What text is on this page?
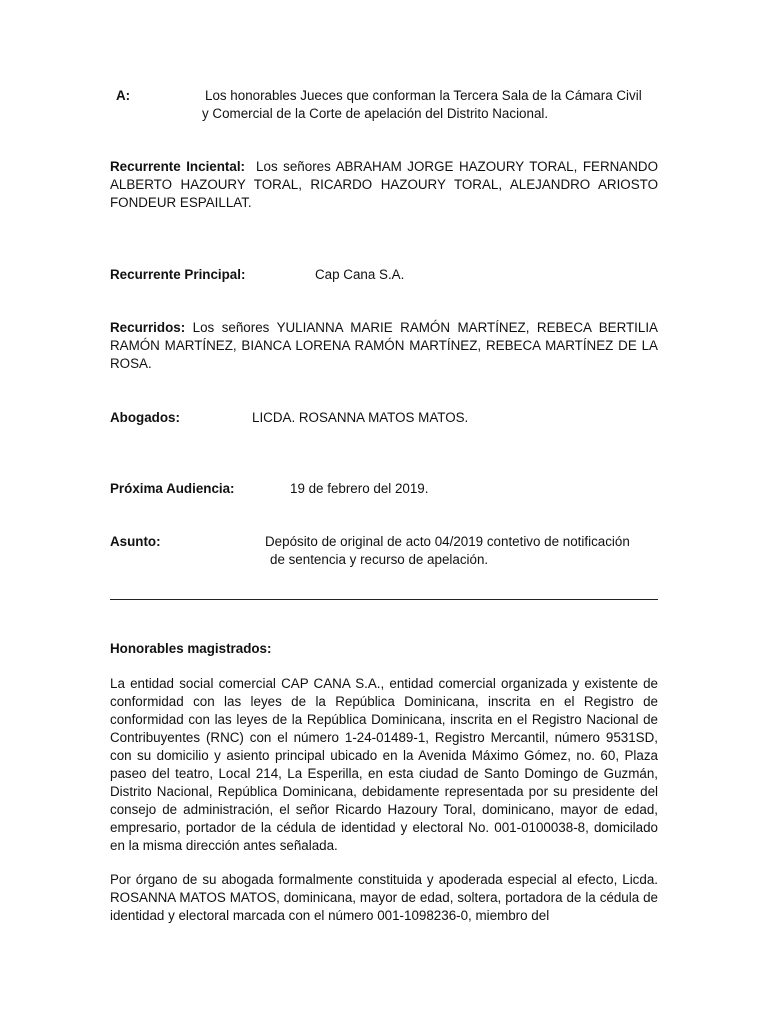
A:	Los honorables Jueces que conforman la Tercera Sala de la Cámara Civil
y Comercial de la Corte de apelación del Distrito Nacional.
Recurrente Inciental: Los señores ABRAHAM JORGE HAZOURY TORAL, FERNANDO ALBERTO HAZOURY TORAL, RICARDO HAZOURY TORAL, ALEJANDRO ARIOSTO FONDEUR ESPAILLAT.
Recurrente Principal:	Cap Cana S.A.
Recurridos: Los señores YULIANNA MARIE RAMÓN MARTÍNEZ, REBECA BERTILIA RAMÓN MARTÍNEZ, BIANCA LORENA RAMÓN MARTÍNEZ, REBECA MARTÍNEZ DE LA ROSA.
Abogados:	LICDA. ROSANNA MATOS MATOS.
Próxima Audiencia:	19 de febrero del 2019.
Asunto:	Depósito de original de acto 04/2019 contetivo de notificación
de sentencia y recurso de apelación.
Honorables magistrados:
La entidad social comercial CAP CANA S.A., entidad comercial organizada y existente de conformidad con las leyes de la República Dominicana, inscrita en el Registro de conformidad con las leyes de la República Dominicana, inscrita en el Registro Nacional de Contribuyentes (RNC) con el número 1-24-01489-1, Registro Mercantil, número 9531SD, con su domicilio y asiento principal ubicado en la Avenida Máximo Gómez, no. 60, Plaza paseo del teatro, Local 214, La Esperilla, en esta ciudad de Santo Domingo de Guzmán, Distrito Nacional, República Dominicana, debidamente representada por su presidente del consejo de administración, el señor Ricardo Hazoury Toral, dominicano, mayor de edad, empresario, portador de la cédula de identidad y electoral No. 001-0100038-8, domicilado en la misma dirección antes señalada.
Por órgano de su abogada formalmente constituida y apoderada especial al efecto, Licda. ROSANNA MATOS MATOS, dominicana, mayor de edad, soltera, portadora de la cédula de identidad y electoral marcada con el número 001-1098236-0, miembro del
